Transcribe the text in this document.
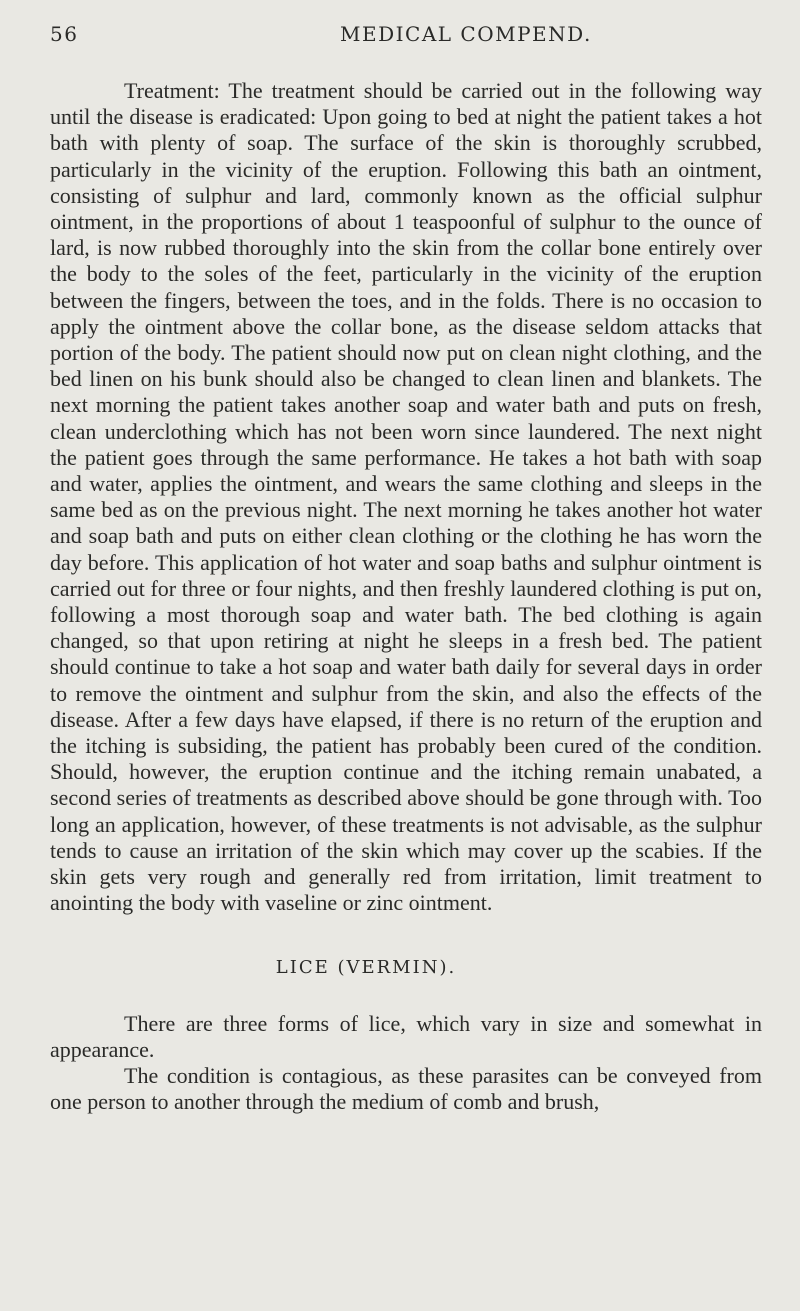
56	MEDICAL COMPEND.

Treatment: The treatment should be carried out in the following way until the disease is eradicated: Upon going to bed at night the patient takes a hot bath with plenty of soap. The surface of the skin is thoroughly scrubbed, particularly in the vicinity of the eruption. Following this bath an ointment, consisting of sulphur and lard, commonly known as the official sulphur ointment, in the proportions of about 1 teaspoonful of sulphur to the ounce of lard, is now rubbed thoroughly into the skin from the collar bone entirely over the body to the soles of the feet, particularly in the vicinity of the eruption between the fingers, between the toes, and in the folds. There is no occasion to apply the ointment above the collar bone, as the disease seldom attacks that portion of the body. The patient should now put on clean night clothing, and the bed linen on his bunk should also be changed to clean linen and blankets. The next morning the patient takes another soap and water bath and puts on fresh, clean underclothing which has not been worn since laundered. The next night the patient goes through the same performance. He takes a hot bath with soap and water, applies the ointment, and wears the same clothing and sleeps in the same bed as on the previous night. The next morning he takes another hot water and soap bath and puts on either clean clothing or the clothing he has worn the day before. This application of hot water and soap baths and sulphur ointment is carried out for three or four nights, and then freshly laundered clothing is put on, following a most thorough soap and water bath. The bed clothing is again changed, so that upon retiring at night he sleeps in a fresh bed. The patient should continue to take a hot soap and water bath daily for several days in order to remove the ointment and sulphur from the skin, and also the effects of the disease. After a few days have elapsed, if there is no return of the eruption and the itching is subsiding, the patient has probably been cured of the condition. Should, however, the eruption continue and the itching remain unabated, a second series of treatments as described above should be gone through with. Too long an application, however, of these treatments is not advisable, as the sulphur tends to cause an irritation of the skin which may cover up the scabies. If the skin gets very rough and generally red from irritation, limit treatment to anointing the body with vaseline or zinc ointment.

LICE (VERMIN).

There are three forms of lice, which vary in size and somewhat in appearance.

The condition is contagious, as these parasites can be conveyed from one person to another through the medium of comb and brush,
